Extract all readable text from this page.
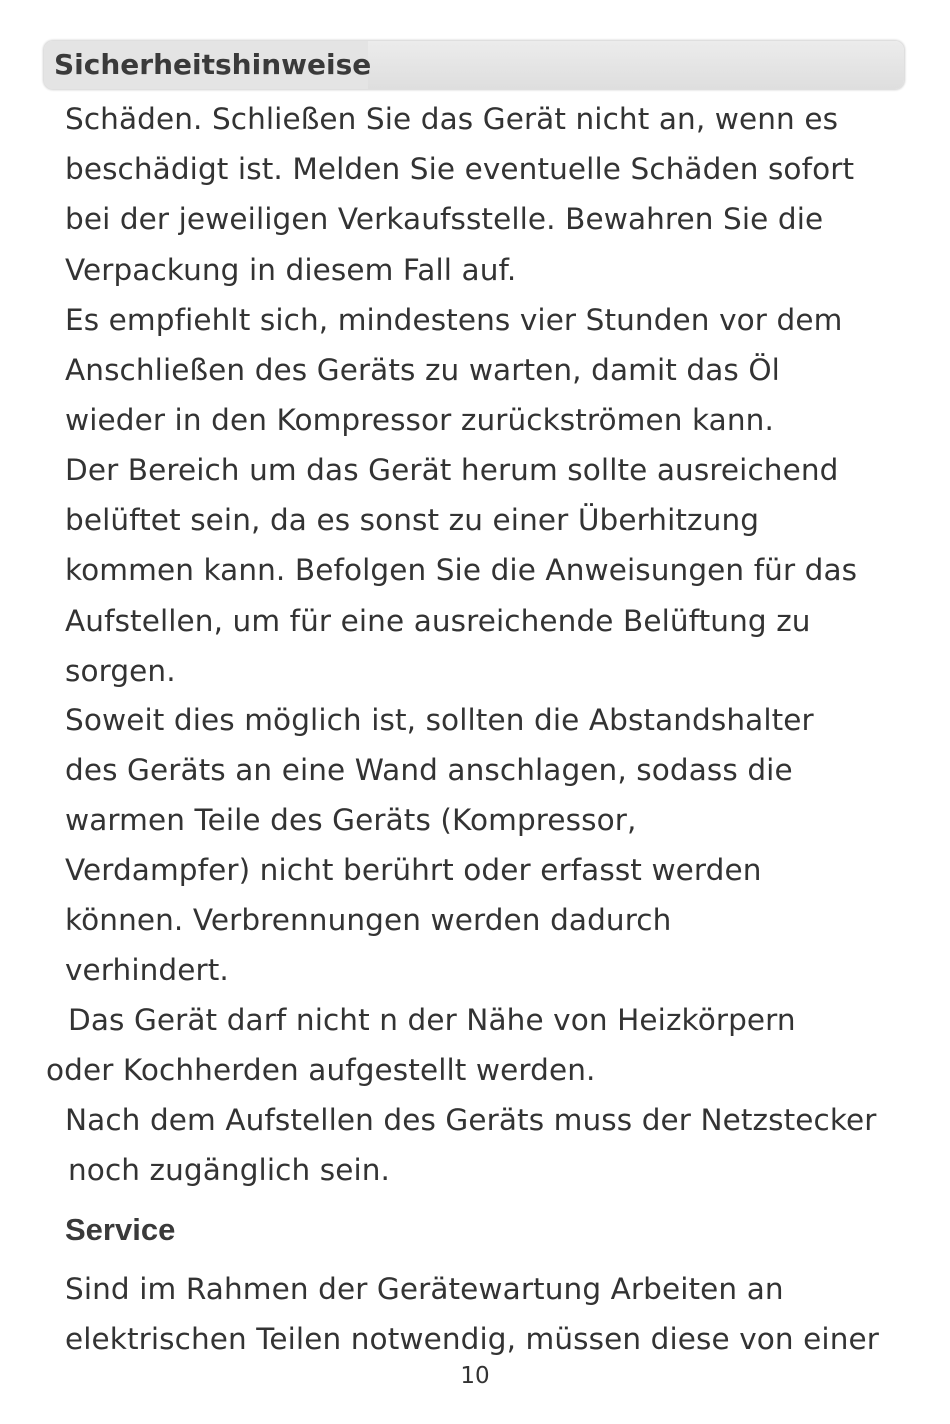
Sicherheitshinweise
Schäden. Schließen Sie das Gerät nicht an, wenn es
beschädigt ist. Melden Sie eventuelle Schäden sofort
bei der jeweiligen Verkaufsstelle. Bewahren Sie die
Verpackung in diesem Fall auf.
Es empfiehlt sich, mindestens vier Stunden vor dem
Anschließen des Geräts zu warten, damit das Öl
wieder in den Kompressor zurückströmen kann.
Der Bereich um das Gerät herum sollte ausreichend
belüftet sein, da es sonst zu einer Überhitzung
kommen kann. Befolgen Sie die Anweisungen für das
Aufstellen, um für eine ausreichende Belüftung zu
sorgen.
Soweit dies möglich ist, sollten die Abstandshalter
des Geräts an eine Wand anschlagen, sodass die
warmen Teile des Geräts (Kompressor,
Verdampfer) nicht berührt oder erfasst werden
können. Verbrennungen werden dadurch
verhindert.
Das Gerät darf nicht n der Nähe von Heizkörpern
oder Kochherden aufgestellt werden.
Nach dem Aufstellen des Geräts muss der Netzstecker
noch zugänglich sein.
Service
Sind im Rahmen der Gerätewartung Arbeiten an
elektrischen Teilen notwendig, müssen diese von einer
10
